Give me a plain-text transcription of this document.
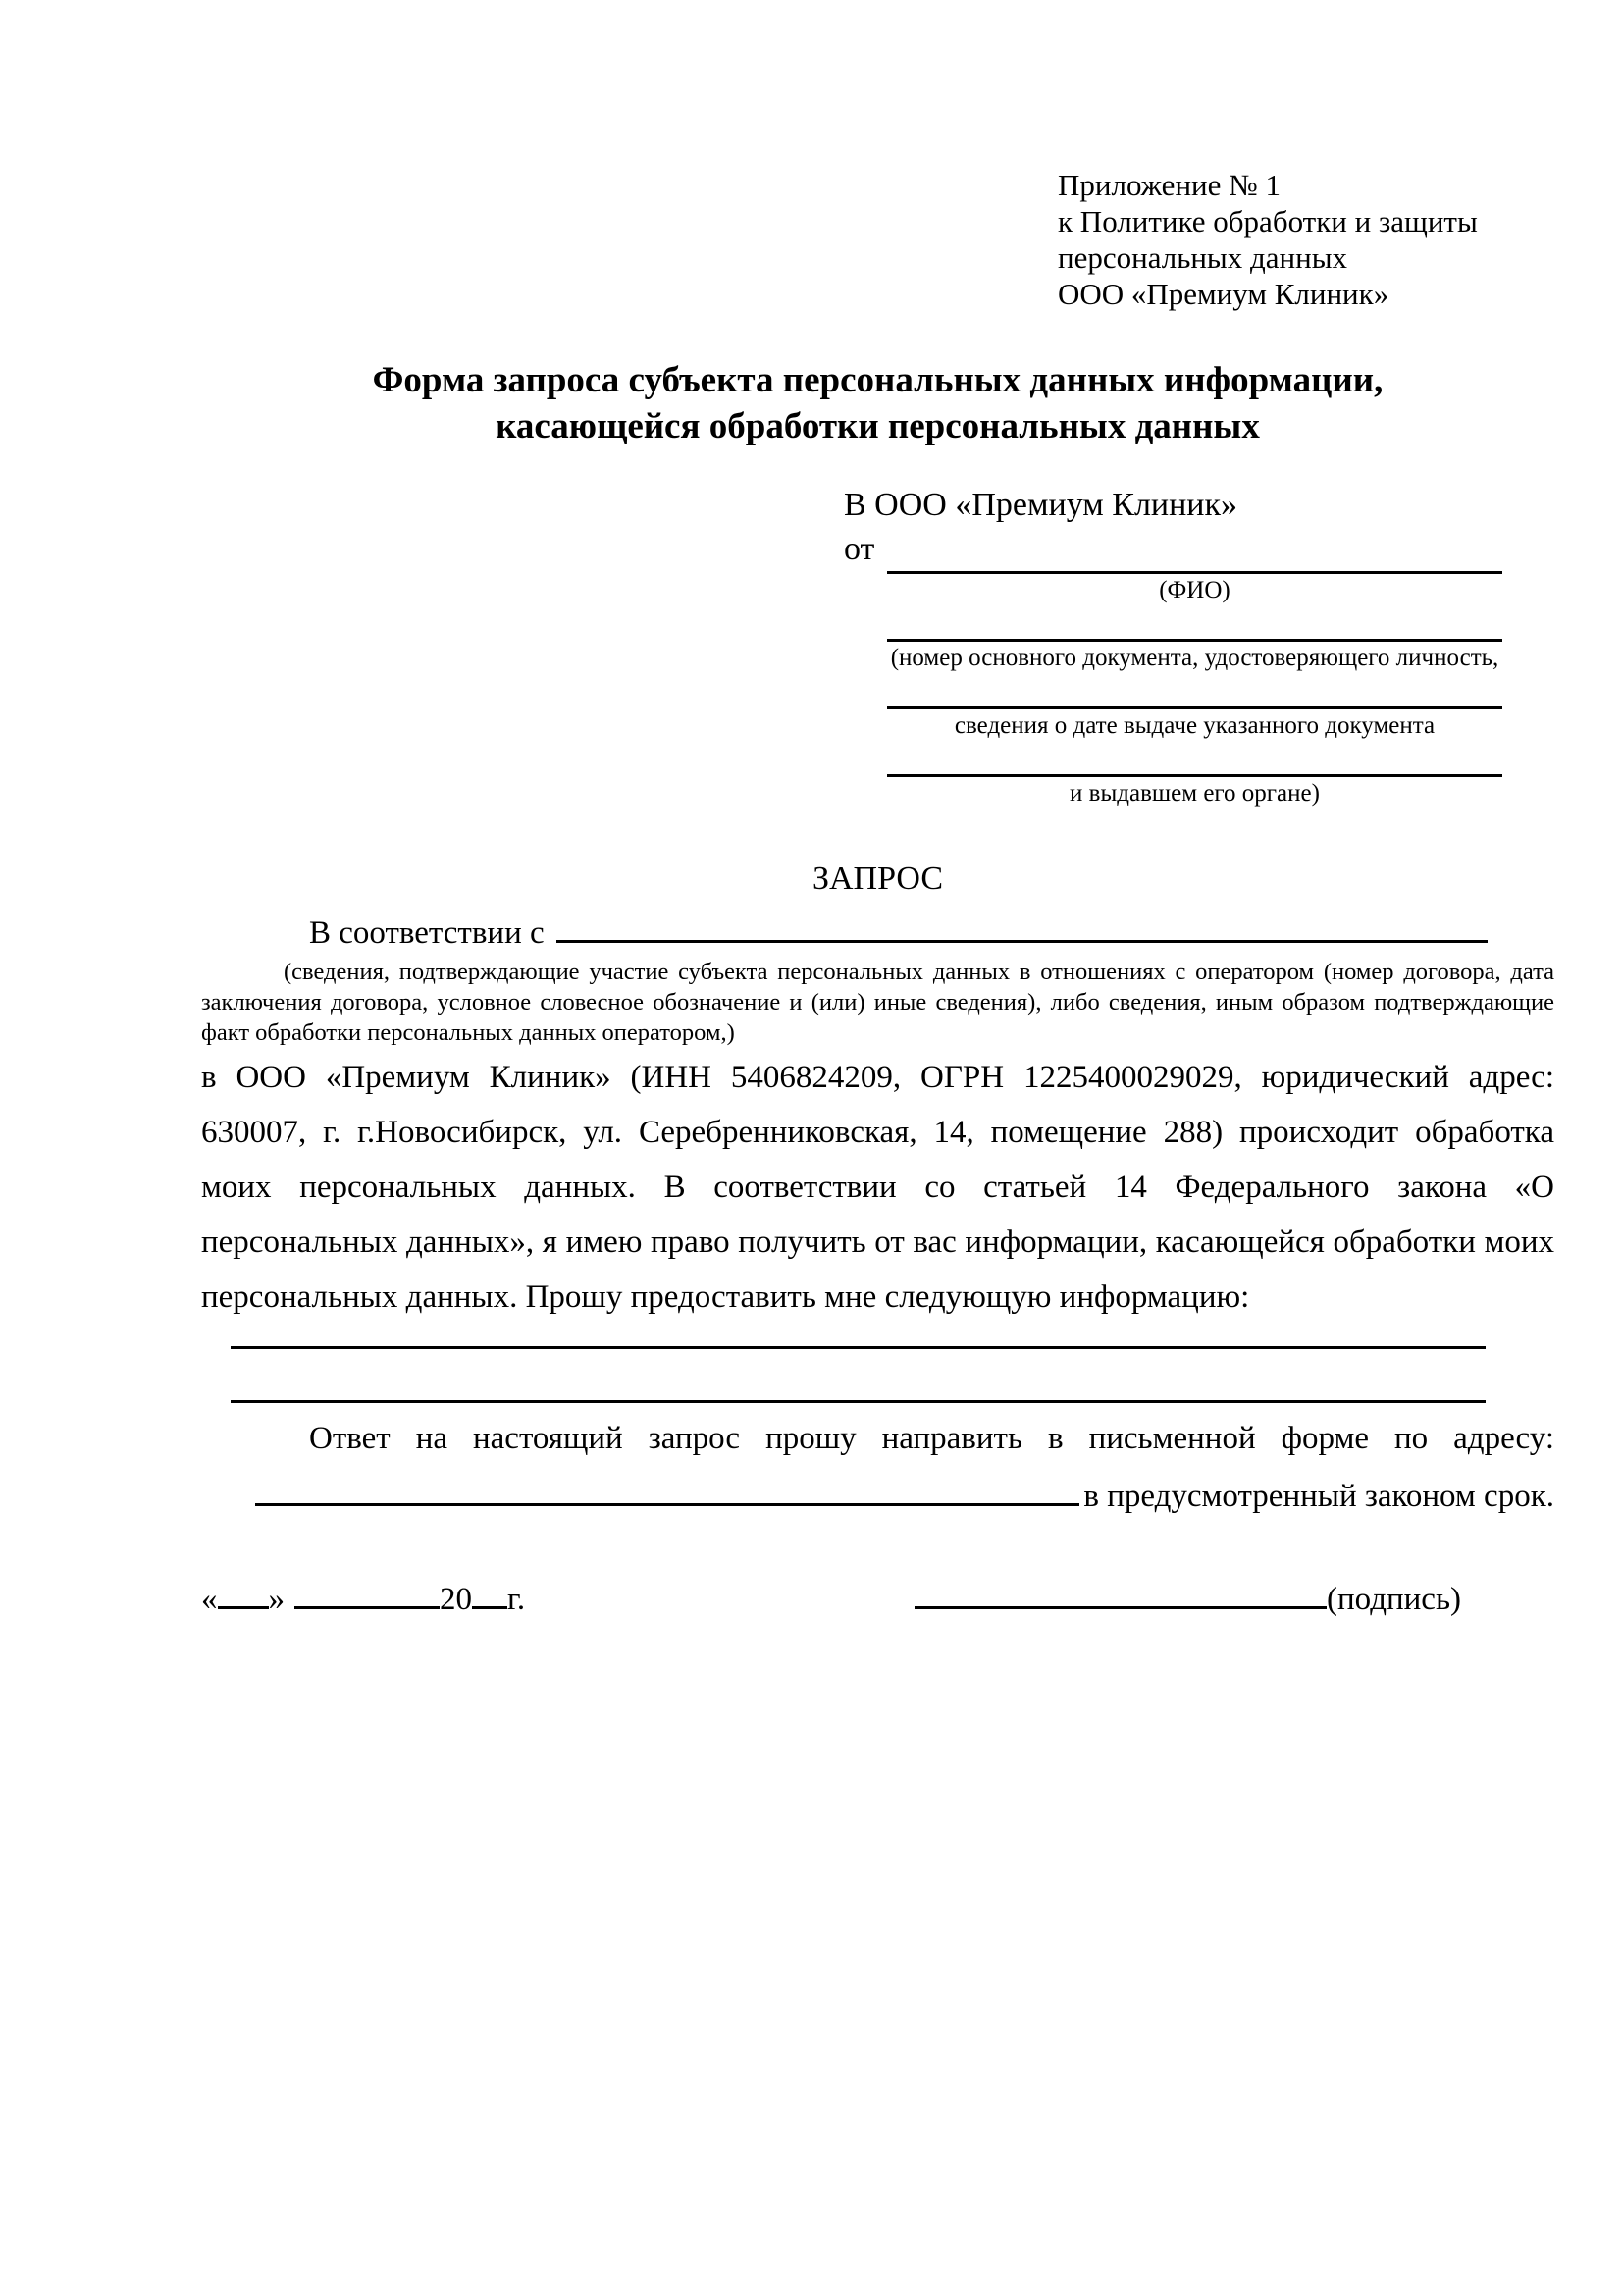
Приложение № 1
к Политике обработки и защиты
персональных данных
ООО «Премиум Клиник»
Форма запроса субъекта персональных данных информации,
касающейся обработки персональных данных
В ООО «Премиум Клиник»
от
(ФИО)
(номер основного документа, удостоверяющего личность,
сведения о дате выдаче указанного документа
и выдавшем его органе)
ЗАПРОС
В соответствии с

(сведения, подтверждающие участие субъекта персональных данных в отношениях с оператором (номер договора, дата заключения договора, условное словесное обозначение и (или) иные сведения), либо сведения, иным образом подтверждающие факт обработки персональных данных оператором,)

в ООО «Премиум Клиник» (ИНН 5406824209, ОГРН 1225400029029, юридический адрес: 630007, г. г.Новосибирск, ул. Серебренниковская, 14, помещение 288) происходит обработка моих персональных данных. В соответствии со статьей 14 Федерального закона «О персональных данных», я имею право получить от вас информации, касающейся обработки моих персональных данных. Прошу предоставить мне следующую информацию:

Ответ на настоящий запрос прошу направить в письменной форме по адресу:

в предусмотренный законом срок.
« »	20 г.	(подпись)
